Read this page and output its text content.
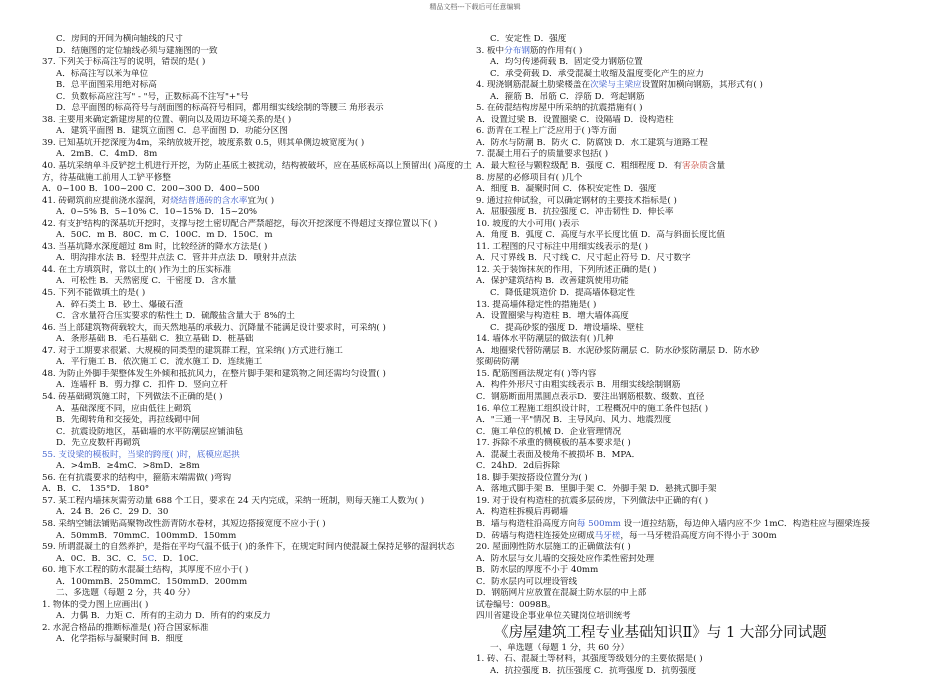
精品文档---下载后可任意编辑
C．房间的开间为横向轴线的尺寸
D．结施图的定位轴线必须与建施图的一致
37. 下列关于标高注写的说明，错误的是( )
A．标高注写以米为单位
B．总平面图采用绝对标高
C．负数标高应注写" - "号，正数标高不注写"+"号
D．总平面图的标高符号与剖面图的标高符号相同，都用细实线绘制的等腰三 角形表示
38. 主要用来确定新建房屋的位置、朝向以及周边环境关系的是( )
A．建筑平面图 B．建筑立面图 C．总平面图 D．功能分区图
39. 已知基坑开挖深度为4m，采纳放坡开挖，坡度系数 0.5，则其单侧边坡宽度为( )
A．2mB．C．4mD．8m
40. 基坑采纳单斗反铲挖土机进行开挖，为防止基底土被扰动，结构被破坏，应在基底标高以上预留出( )高度的土方，待基础施工前用人工铲平修整
A．0~100 B．100~200 C．200~300 D．400~500
41. 砖砌筑前应提前浇水湿润，对烧结普通砖的含水率宜为( )
A．0~5% B．5~10% C．10~15% D．15~20%
42. 有支护结构的深基坑开挖时，支撑与挖土密切配合严禁超挖，每次开挖深度不得超过支撑位置以下( )
A．50C．m B．80C．m C．100C．m D．150C．m
43. 当基坑降水深度超过 8m 时，比较经济的降水方法是( )
A．明沟排水法 B．轻型井点法 C．管井井点法 D．喷射井点法
44. 在土方填筑时，常以土的( )作为土的压实标准
A．可松性 B．天然密度 C．干密度 D．含水量
45. 下列不能做填土的是( )
A．碎石类土 B．砂土、爆破石渣
C．含水量符合压实要求的粘性土 D．硫酸盐含量大于 8%的土
46. 当上部建筑物荷载较大，而天然地基的承载力、沉降量不能满足设计要求时，可采纳( )
A．条形基础 B．毛石基础 C．独立基础 D．桩基础
47. 对于工期要求很紧、大规模的同类型的建筑群工程，宜采纳( )方式进行施工
A．平行施工 B．依次施工 C．流水施工 D．连续施工
48. 为防止外脚手架整体发生外倾和抵抗风力，在整片脚手架和建筑物之间还需均匀设置( )
A．连墙杆 B．剪力撑 C．扣件 D．竖向立杆
54. 砖基础砌筑施工时，下列做法不正确的是( )
A．基础深度不同，应由低往上砌筑
B．先砌转角和交接处，再拉线砌中间
C．抗震设防地区，基础墙的水平防潮层应铺油毡
D．先立皮数杆再砌筑
55. 支设梁的模板时，当梁的跨度( )时，底模应起拱
A．>4mB．≥4mC．>8mD．≥8m
56. 在有抗震要求的结构中，箍筋末端需做( )弯钩
A．B．C． 135°D． 180°
57. 某工程内墙抹灰需劳动量 688 个工日，要求在 24 天内完成，采纳一班制，则每天施工人数为( )
A．24 B．26 C．29 D．30
58. 采纳空铺法铺贴高聚物改性沥青防水卷材，其短边搭接宽度不应小于( )
A．50mmB．70mmC．100mmD．150mm
59. 所谓混凝土的自然养护，是指在平均气温不低于( )的条件下，在规定时间内使混凝土保持足够的湿润状态
A．0C．B．3C．C．5C．D．10C．
60. 地下水工程的防水混凝土结构，其厚度不应小于( )
A．100mmB．250mmC．150mmD．200mm
二、多选题（每题 2 分，共 40 分）
1. 物体的受力图上应画出( )
A．力偶 B．力矩 C．所有的主动力 D．所有的约束反力
2. 水泥合格品的推断标准是( )符合国家标准
A．化学指标与凝聚时间 B．细度
C．安定性 D．强度
3. 板中分布钢筋的作用有( )
A．均匀传递荷载 B．固定受力钢筋位置
C．承受荷载 D．承受混凝土收缩及温度变化产生的应力
4. 现浇钢筋混凝土肋梁楼盖在次梁与主梁应设置附加横向钢筋，其形式有( )
A．箍筋 B．吊筋 C．浮筋 D．弯起钢筋
5. 在砖混结构房屋中所采纳的抗震措施有( )
A．设置过梁 B．设置圈梁 C．设隔墙 D．设构造柱
6. 沥青在工程上广泛应用于( )等方面
A．防水与防潮 B．防火 C．防腐蚀 D．水工建筑与道路工程
7. 混凝土用石子的质量要求包括( )
A．最大粒径与颗粒级配 B．强度 C．粗细程度 D．有害杂质含量
8. 房屋的必修项目有( )几个
A．细度 B．凝聚时间 C．体积安定性 D．强度
9. 通过拉伸试验，可以确定钢材的主要技术指标是( )
A．屈服强度 B．抗拉强度 C．冲击韧性 D．伸长率
10. 坡度的大小可用( )表示
A．角度 B．弧度 C．高度与水平长度比值 D．高与斜面长度比值
11. 工程图的尺寸标注中用细实线表示的是( )
A．尺寸界线 B．尺寸线 C．尺寸起止符号 D．尺寸数字
12. 关于装饰抹灰的作用，下列所述正确的是( )
A．保护建筑结构 B．改善建筑使用功能
C．降低建筑造价 D．提高墙体稳定性
13. 提高墙体稳定性的措施是( )
A．设置圈梁与构造柱 B．增大墙体高度
C．提高砂浆的强度 D．增设墙垛、壁柱
14. 墙体水平防潮层的做法有( )几种
A．地圈梁代替防潮层 B．水泥砂浆防潮层 C．防水砂浆防潮层 D．防水砂
浆砌砖防潮
15. 配筋图画法规定有( )等内容
A．构件外形尺寸由粗实线表示 B．用细实线绘制钢筋
C．钢筋断面用黑圆点表示D．要注出钢筋根数、级数、直径
16. 单位工程施工组织设计时，工程概况中的施工条件包括( )
A．"三通一平"情况 B．主导风向、风力、地震烈度
C．施工单位的机械 D．企业管理情况
17. 拆除不承重的侧模板的基本要求是( )
A．混凝土表面及棱角不被损坏 B．MPA．
C．24hD．2d后拆除
18. 脚手架按搭设位置分为( )
A．落地式脚手架 B．里脚手架 C．外脚手架 D．悬挑式脚手架
19. 对于设有构造柱的抗震多层砖房，下列做法中正确的有( )
A．构造柱拆模后再砌墙
B．墙与构造柱沿高度方向每 500mm 设一道拉结筋，每边伸入墙内应不少 1mC．构造柱应与圈梁连接
D．砖墙与构造柱连接处应砌成马牙槎，每一马牙槎沿高度方向不得小于 300m
20. 屋面刚性防水层施工的正确做法有( )
A．防水层与女儿墙的交接处应作柔性密封处理
B．防水层的厚度不小于 40mm
C．防水层内可以埋设管线
D．钢筋网片应放置在混凝土防水层的中上部
试卷编号：0098B。
四川省建设企事业单位关键岗位培训统考
《房屋建筑工程专业基础知识Ⅱ》与 1 大部分同试题
一、单选题（每题 1 分，共 60 分）
1. 砖、石、混凝土等材料，其强度等级划分的主要依据是( )
A．抗拉强度 B．抗压强度 C．抗弯强度 D．抗剪强度
